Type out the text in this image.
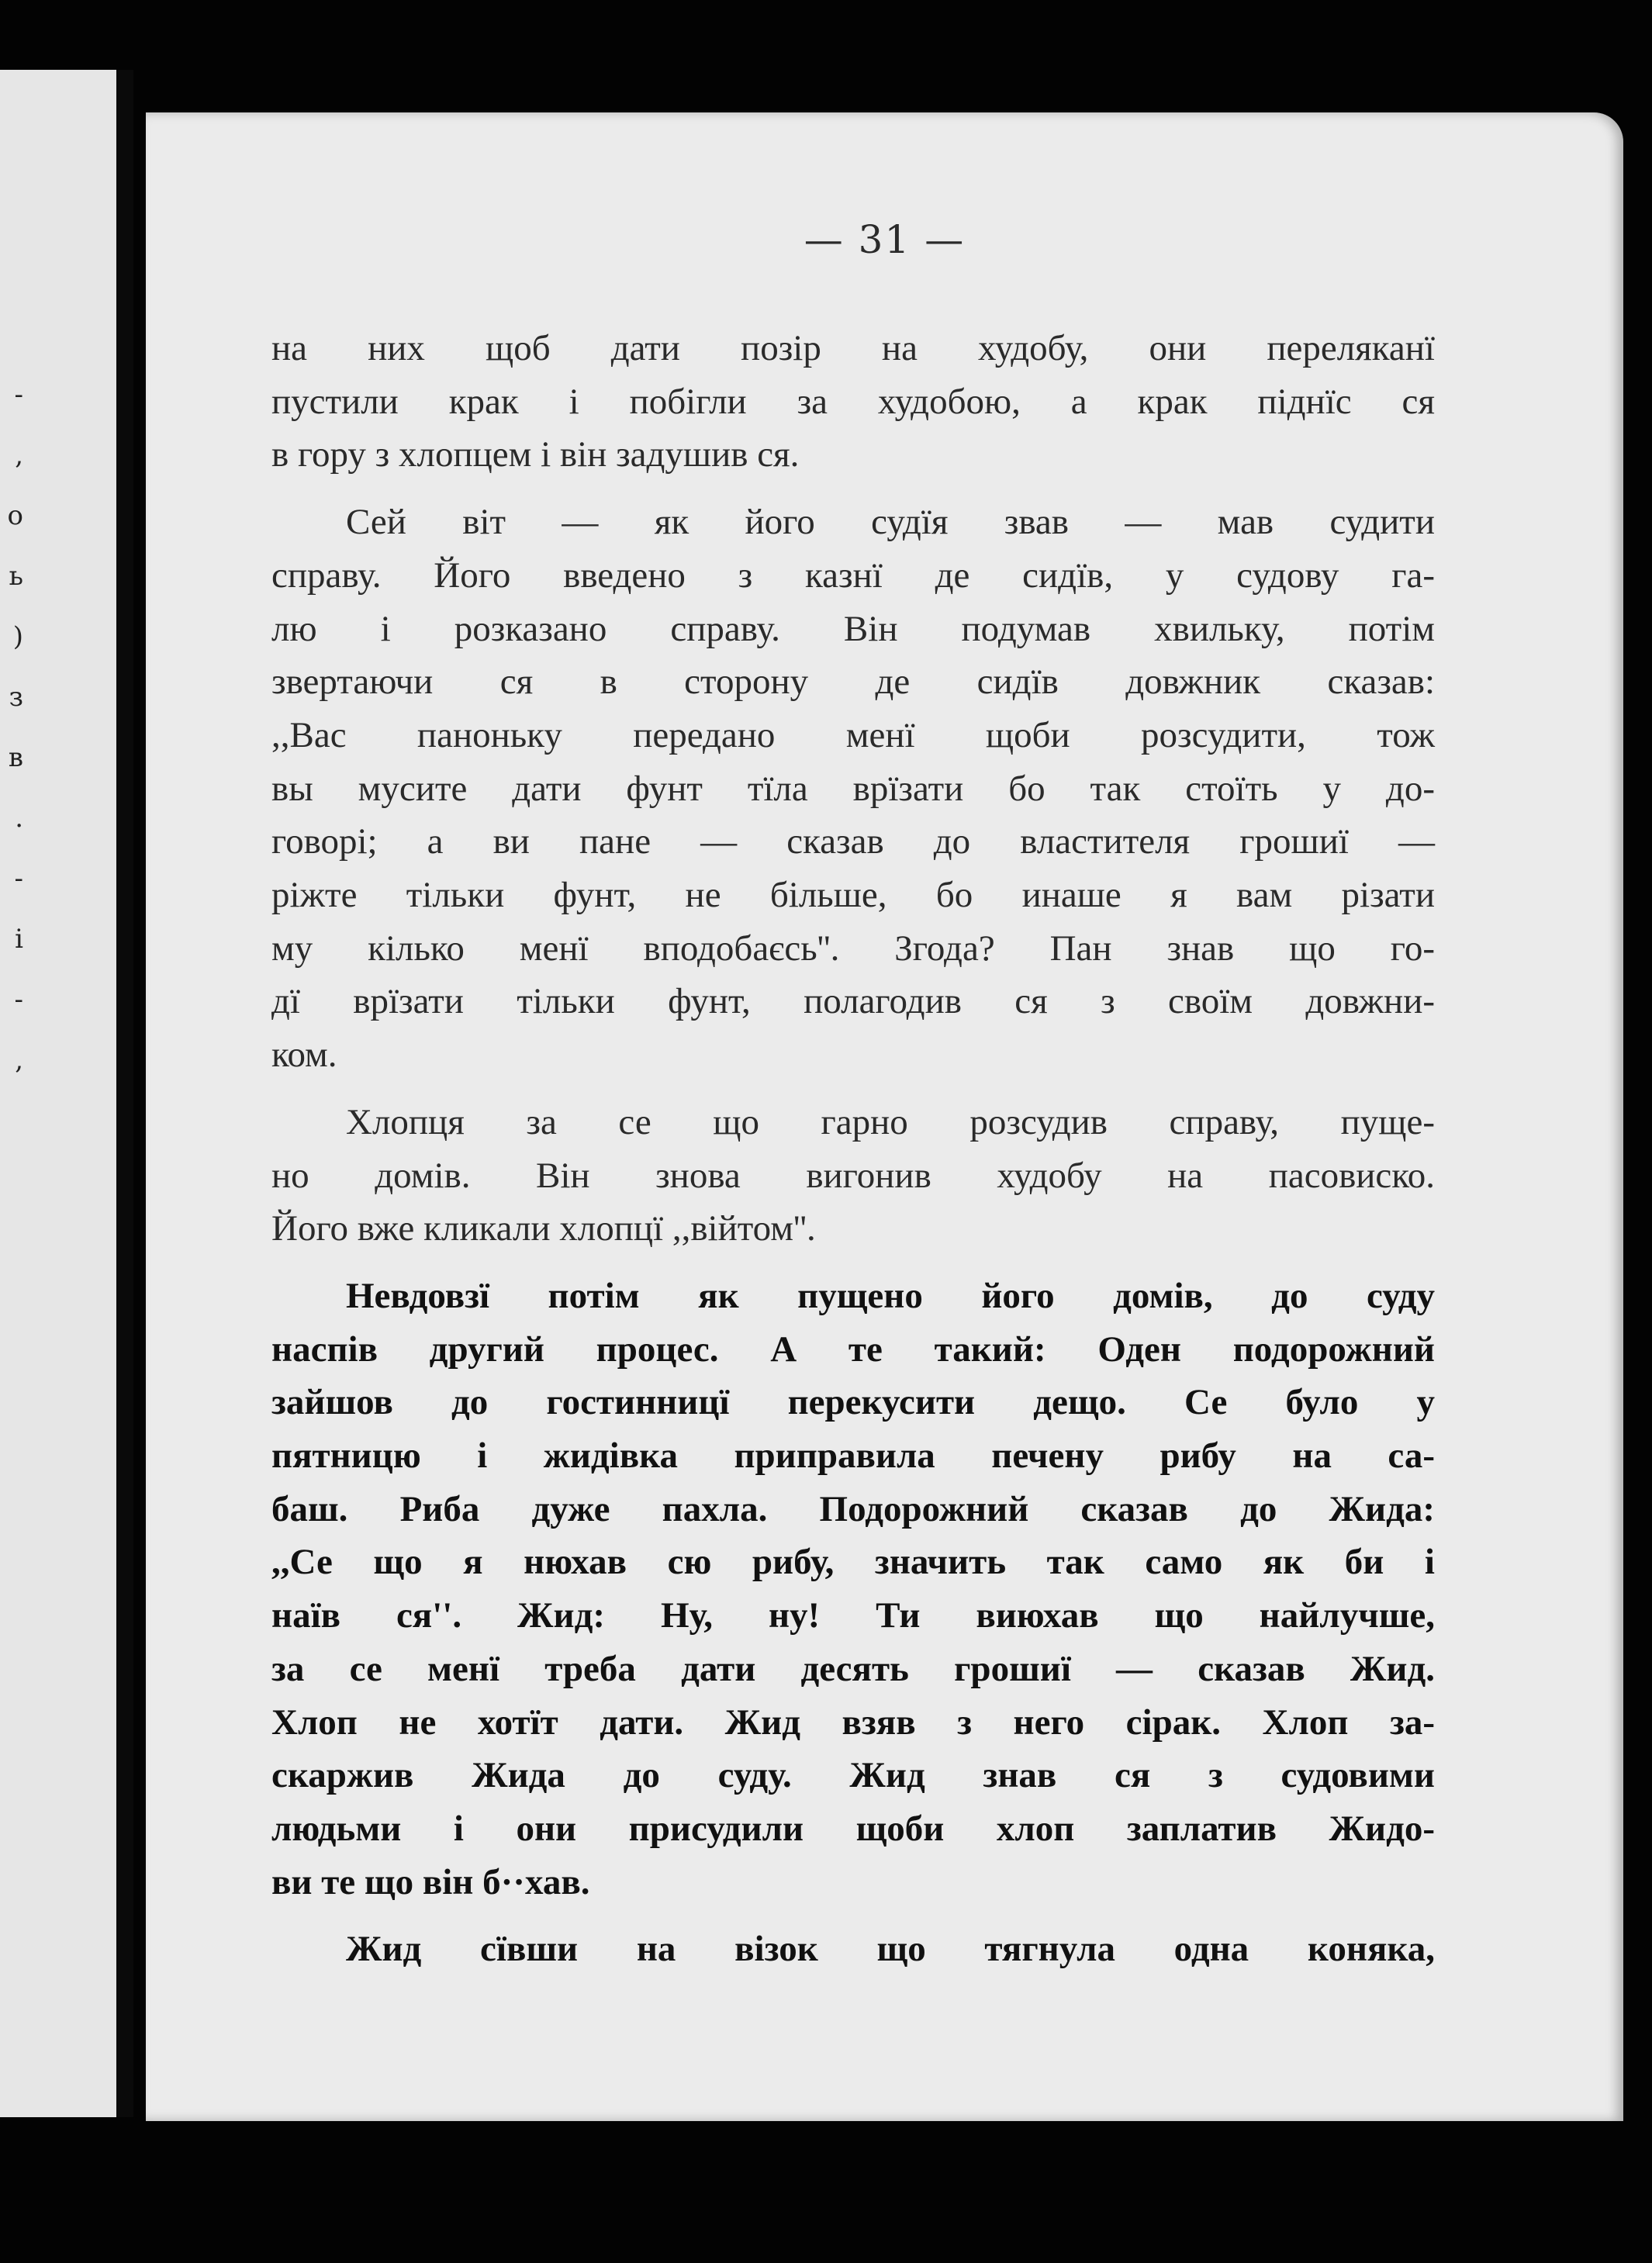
-
,
o
ь
)
з
в
.
-
і
-
,
— 31 —

на них щоб дати позір на худобу, они переляканї
пустили крак і побігли за худобою, а крак піднїс ся
в гору з хлопцем і він задушив ся.

Сей віт — як його судїя звав — мав судити
справу. Його введено з казнї де сидїв, у судову га-
лю і розказано справу. Він подумав хвильку, потім
звертаючи ся в сторону де сидїв довжник сказав:
,,Вас паноньку передано менї щоби розсудити, тож
вы мусите дати фунт тїла врїзати бо так стоїть у до-
говорі; а ви пане — сказав до властителя грошиї —
ріжте тільки фунт, не більше, бо инаше я вам різати
му кілько менї вподобаєсь''. Згода? Пан знав що го-
дї врїзати тільки фунт, полагодив ся з своїм довжни-
ком.

Хлопця за се що гарно розсудив справу, пуще-
но домів. Він знова вигонив худобу на пасовиско.
Його вже кликали хлопцї ,,війтом''.

Невдовзї потім як пущено його домів, до суду
наспів другий процес. А те такий: Оден подорожний
зайшов до гостинницї перекусити дещо. Се було у
пятницю і жидівка приправила печену рибу на са-
баш. Риба дуже пахла. Подорожний сказав до Жида:
,,Се що я нюхав сю рибу, значить так само як би і
наїв ся''. Жид: Ну, ну! Ти виюхав що найлучше,
за се менї треба дати десять грошиї — сказав Жид.
Хлоп не хотїт дати. Жид взяв з него сірак. Хлоп за-
скаржив Жида до суду. Жид знав ся з судовими
людьми і они присудили щоби хлоп заплатив Жидо-
ви те що він б··хав.

Жид сївши на візок що тягнула одна коняка,
